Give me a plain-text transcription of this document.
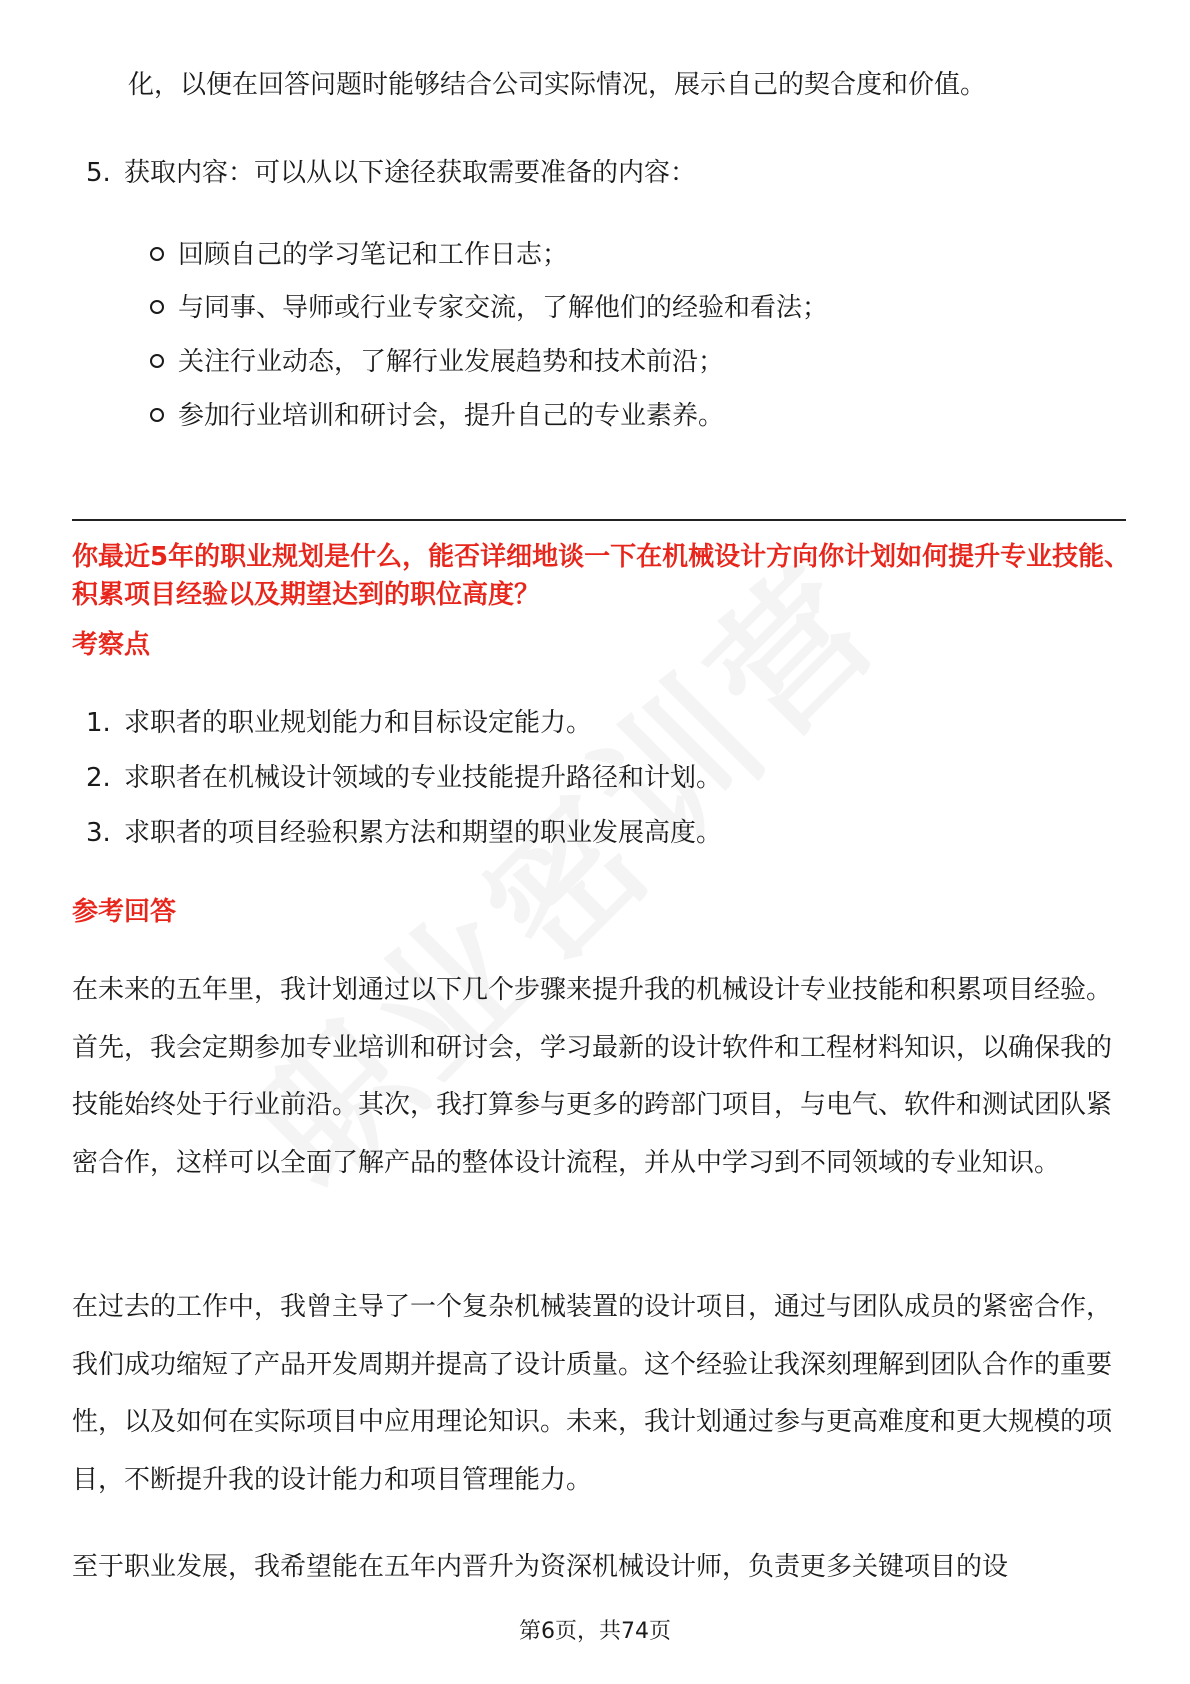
化，以便在回答问题时能够结合公司实际情况，展示自己的契合度和价值。

5. 获取内容：可以从以下途径获取需要准备的内容：

回顾自己的学习笔记和工作日志；

与同事、导师或行业专家交流，了解他们的经验和看法；

关注行业动态，了解行业发展趋势和技术前沿；

参加行业培训和研讨会，提升自己的专业素养。

你最近5年的职业规划是什么，能否详细地谈一下在机械设计方向你计划如何提升专业技能、积累项目经验以及期望达到的职位高度？

考察点

1. 求职者的职业规划能力和目标设定能力。

2. 求职者在机械设计领域的专业技能提升路径和计划。

3. 求职者的项目经验积累方法和期望的职业发展高度。

参考回答

在未来的五年里，我计划通过以下几个步骤来提升我的机械设计专业技能和积累项目经验。首先，我会定期参加专业培训和研讨会，学习最新的设计软件和工程材料知识，以确保我的技能始终处于行业前沿。其次，我打算参与更多的跨部门项目，与电气、软件和测试团队紧密合作，这样可以全面了解产品的整体设计流程，并从中学习到不同领域的专业知识。

在过去的工作中，我曾主导了一个复杂机械装置的设计项目，通过与团队成员的紧密合作，我们成功缩短了产品开发周期并提高了设计质量。这个经验让我深刻理解到团队合作的重要性，以及如何在实际项目中应用理论知识。未来，我计划通过参与更高难度和更大规模的项目，不断提升我的设计能力和项目管理能力。

至于职业发展，我希望能在五年内晋升为资深机械设计师，负责更多关键项目的设

第6页，共74页
